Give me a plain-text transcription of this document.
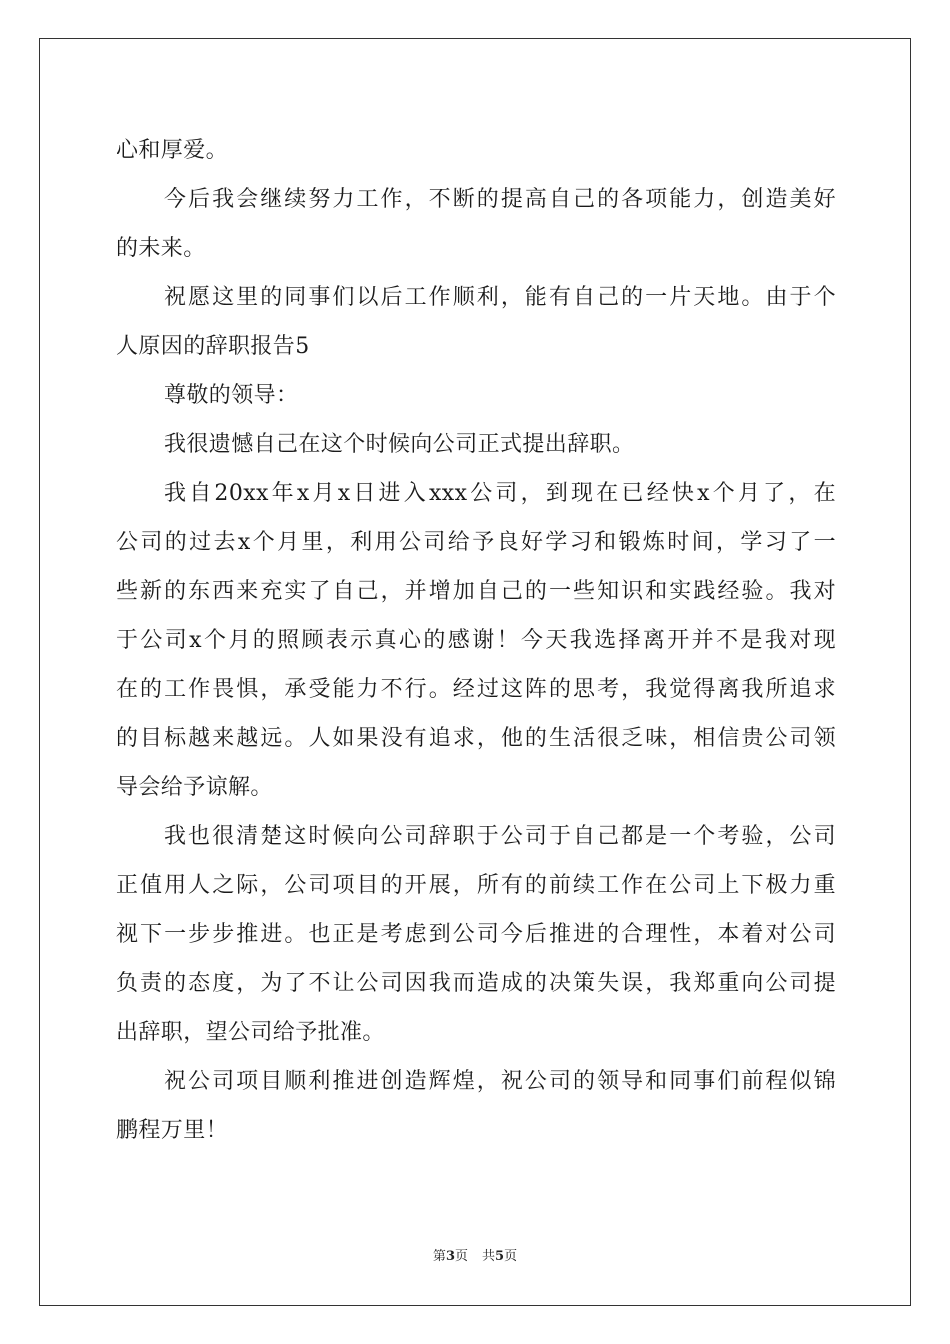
心和厚爱。
今后我会继续努力工作，不断的提高自己的各项能力，创造美好
的未来。
祝愿这里的同事们以后工作顺利，能有自己的一片天地。由于个
人原因的辞职报告5
尊敬的领导：
我很遗憾自己在这个时候向公司正式提出辞职。
我自20xx年x月x日进入xxx公司，到现在已经快x个月了，在
公司的过去x个月里，利用公司给予良好学习和锻炼时间，学习了一
些新的东西来充实了自己，并增加自己的一些知识和实践经验。我对
于公司x个月的照顾表示真心的感谢！今天我选择离开并不是我对现
在的工作畏惧，承受能力不行。经过这阵的思考，我觉得离我所追求
的目标越来越远。人如果没有追求，他的生活很乏味，相信贵公司领
导会给予谅解。
我也很清楚这时候向公司辞职于公司于自己都是一个考验，公司
正值用人之际，公司项目的开展，所有的前续工作在公司上下极力重
视下一步步推进。也正是考虑到公司今后推进的合理性，本着对公司
负责的态度，为了不让公司因我而造成的决策失误，我郑重向公司提
出辞职，望公司给予批准。
祝公司项目顺利推进创造辉煌，祝公司的领导和同事们前程似锦
鹏程万里！
第3页 共5页
